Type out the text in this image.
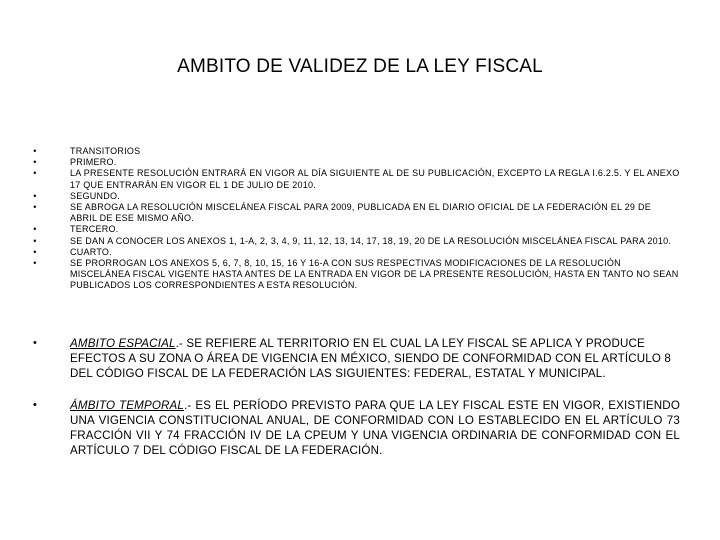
AMBITO DE VALIDEZ DE LA LEY FISCAL
•	TRANSITORIOS
•	PRIMERO.
•	LA PRESENTE RESOLUCIÓN ENTRARÁ EN VIGOR AL DÍA SIGUIENTE AL DE SU PUBLICACIÓN, EXCEPTO LA REGLA I.6.2.5. Y EL ANEXO 17 QUE ENTRARÁN EN VIGOR EL 1 DE JULIO DE 2010.
•	SEGUNDO.
•	SE ABROGA LA RESOLUCIÓN MISCELÁNEA FISCAL PARA 2009, PUBLICADA EN EL DIARIO OFICIAL DE LA FEDERACIÓN EL 29 DE ABRIL DE ESE MISMO AÑO.
•	TERCERO.
•	SE DAN A CONOCER LOS ANEXOS 1, 1-A, 2, 3, 4, 9, 11, 12, 13, 14, 17, 18, 19, 20 DE LA RESOLUCIÓN MISCELÁNEA FISCAL PARA 2010.
•	CUARTO.
•	SE PRORROGAN LOS ANEXOS 5, 6, 7, 8, 10, 15, 16 Y 16-A CON SUS RESPECTIVAS MODIFICACIONES DE LA RESOLUCIÓN MISCELÁNEA FISCAL VIGENTE HASTA ANTES DE LA ENTRADA EN VIGOR DE LA PRESENTE RESOLUCIÓN, HASTA EN TANTO NO SEAN PUBLICADOS LOS CORRESPONDIENTES A ESTA RESOLUCIÓN.
•	AMBITO ESPACIAL.- SE REFIERE AL TERRITORIO EN EL CUAL LA LEY FISCAL SE APLICA Y PRODUCE EFECTOS A SU ZONA O ÁREA DE VIGENCIA EN MÉXICO, SIENDO DE CONFORMIDAD CON EL ARTÍCULO 8 DEL CÓDIGO FISCAL DE LA FEDERACIÓN LAS SIGUIENTES: FEDERAL, ESTATAL Y MUNICIPAL.
•	ÁMBITO TEMPORAL.- ES EL PERÍODO PREVISTO PARA QUE LA LEY FISCAL ESTE EN VIGOR, EXISTIENDO UNA VIGENCIA CONSTITUCIONAL ANUAL, DE CONFORMIDAD CON LO ESTABLECIDO EN EL ARTÍCULO 73 FRACCIÓN VII Y 74 FRACCIÓN IV DE LA CPEUM Y UNA VIGENCIA ORDINARIA DE CONFORMIDAD CON EL ARTÍCULO 7 DEL CÓDIGO FISCAL DE LA FEDERACIÓN.
